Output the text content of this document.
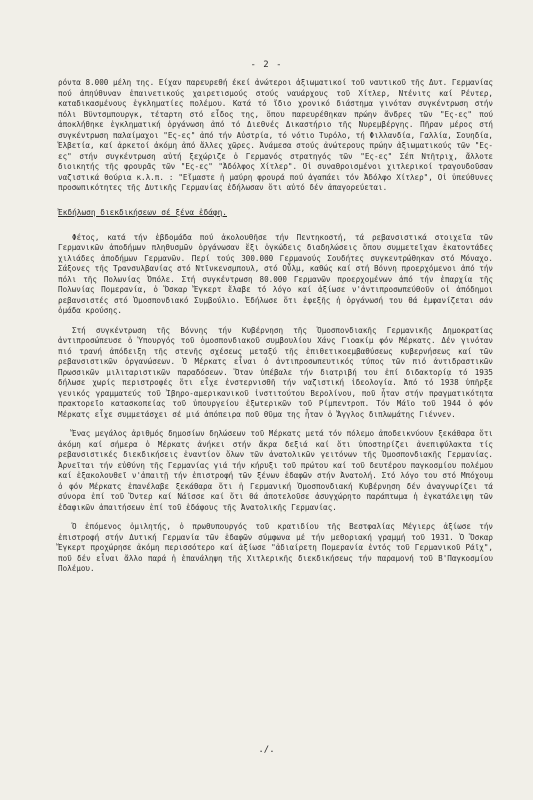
- 2 -

ρόντα 8.000 μέλη της. Είχαν παρευρεθή έκεί ἀνώτεροι ἀξιωματικοί τοῦ ναυτικοῦ τῆς Δυτ. Γερμανίας πού ἀπηύθυναν ἐπαινετικούς χαιρετισμούς στούς ναυάρχους τοῦ Χίτλερ, Ντένιτς καί Ρέντερ, καταδικασμένους ἐγκληματίες πολέμου. Κατά τό ἴδιο χρονικό διάστημα γινόταν συγκέντρωση στήν πόλι Βϋντσμπουργκ, τέταρτη στό εἶδος της, ὅπου παρευρέθηκαν πρώην ἄνδρες τῶν "Ες-ες" πού ἀποκλήθηκε ἐγκληματική ὀργάνωση ἀπό τό Διεθνές Δικαστήριο τῆς Νυρεμβέργης. Πῆραν μέρος στή συγκέντρωση παλαίμαχοι "Ες-ες" ἀπό τήν Αὐστρία, τό νότιο Τυρόλο, τή Φιλλανδία, Γαλλία, Σουηδία, Ἑλβετία, καί ἀρκετοί ἀκόμη ἀπό ἄλλες χῶρες. Ἀνάμεσα στούς ἀνώτερους πρώην ἀξιωματικούς τῶν "Ες-ες" στήν συγκέντρωση αὐτή ξεχώριζε ὁ Γερμανός στρατηγός τῶν "Ες-ες" Σέπ Ντῆτριχ, ἄλλοτε διοικητής τῆς φρουρᾶς τῶν "Ες-ες" "Ἀδόλφος Χίτλερ". Οἱ συναθροισμένοι χιτλερικοί τραγουδοῦσαν ναζιστικά θούρια κ.λ.π. : "Εἴμαστε ἡ μαύρη φρουρά πού ἀγαπάει τόν Ἀδόλφο Χίτλερ", Οἱ ὑπεύθυνες προσωπικότητες τῆς Δυτικῆς Γερμανίας ἐδήλωσαν ὅτι αὐτό δέν ἀπαγορεύεται.

Ἐκδήλωση διεκδικήσεων σέ ξένα ἐδάφη.

Φέτος, κατά τήν ἑβδομάδα πού ἀκολουθῆσε τήν Πεντηκοστή, τά ρεβανσιστικά στοιχεῖα τῶν Γερμανικῶν ἀποδήμων πληθυσμῶν ὀργάνωσαν ἕξι ὀγκώδεις διαδηλώσεις ὅπου συμμετεῖχαν ἑκατοντάδες χιλιάδες ἀποδήμων Γερμανῶν. Περί τούς 300.000 Γερμανούς Σουδήτες συγκεντρώθηκαν στό Μόναχο. Σάξονες τῆς Τρανσυλβανίας στό Ντῖνκενσμπουλ, στό Οὖλμ, καθώς καί στή Βόννη προερχόμενοι ἀπό τήν πόλι τῆς Πολωνίας Ὀπόλε. Στή συγκέντρωση 80.000 Γερμανῶν προερχομένων ἀπό τήν ἐπαρχία τῆς Πολωνίας Πομερανία, ὁ Ὄσκαρ Ἔγκερτ ἔλαβε τό λόγο καί ἀξίωσε ν'ἀντιπροσωπεύθοῦν οἱ ἀπόδημοι ρεβανσιστές στό Ὁμοσπονδιακό Συμβούλιο. Ἐδήλωσε ὅτι ἐφεξῆς ἡ ὀργάνωσή του θά ἐμφανίζεται σάν ὁμάδα κρούσης.

Στή συγκέντρωση τῆς Βόννης τήν Κυβέρνηση τῆς Ὁμοσπονδιακῆς Γερμανικῆς Δημοκρατίας ἀντιπροσώπευσε ὁ Ὑπουργός τοῦ ὁμοσπονδιακοῦ συμβουλίου Χάνς Γιοακίμ φόν Μέρκατς. Δέν γινόταν πιό τρανή ἀπόδειξη τῆς στενῆς σχέσεως μεταξύ τῆς ἐπιθετικοεμβαθύσεως κυβερνήσεως καί τῶν ρεβανσιστικῶν ὀργανώσεων. Ὁ Μέρκατς εἶναι ὁ ἀντιπροσωπευτικός τύπος τῶν πιό ἀντιδραστικῶν Πρωσσικῶν μιλιταριστικῶν παραδόσεων. Ὅταν ὑπέβαλε τήν διατριβή του ἐπί διδακτορίᾳ τό 1935 δήλωσε χωρίς περιστροφές ὅτι εἶχε ἐνστερνισθῆ τήν ναζιστική ἰδεολογία. Ἀπό τό 1938 ὑπῆρξε γενικός γραμματεύς τοῦ Ἰβηρο-αμερικανικοῦ ἰνστιτούτου Βερολίνου, ποῦ ἦταν στήν πραγματικότητα πρακτορεῖο κατασκοπείας τοῦ ὑπουργείου ἐξωτερικῶν τοῦ Ρίμπεντροπ. Τόν Μάϊο τοῦ 1944 ὁ φόν Μέρκατς εἶχε συμμετάσχει σέ μιά ἀπόπειρα ποῦ θῦμα της ἦταν ὁ Ἄγγλος διπλωμάτης Γιέννεν.

Ἕνας μεγάλος ἀριθμός δημοσίων δηλώσεων τοῦ Μέρκατς μετά τόν πόλεμο ἀποδεικνύουν ξεκάθαρα ὅτι ἀκόμη καί σήμερα ὁ Μέρκατς ἀνήκει στήν ἄκρα δεξιά καί ὅτι ὑποστηρίζει ἀνεπιφύλακτα τίς ρεβανσιστικές διεκδικήσεις ἐναντίον ὅλων τῶν ἀνατολικῶν γειτόνων τῆς Ὁμοσπονδιακῆς Γερμανίας. Ἀρνεῖται τήν εὐθύνη τῆς Γερμανίας γιά τήν κήρυξι τοῦ πρώτου καί τοῦ δευτέρου παγκοσμίου πολέμου καί ἐξακολουθεῖ ν'ἀπαιτῇ τήν ἐπιστροφή τῶν ξένων ἐδαφῶν στήν Ἀνατολή. Στό λόγο του στό Μπόχουμ ὁ φόν Μέρκατς ἐπανέλαβε ξεκάθαρα ὅτι ἡ Γερμανική Ὁμοσπονδιακή Κυβέρνηση δέν ἀναγνωρίζει τά σύνορα ἐπί τοῦ Ὄντερ καί Νάϊσσε καί ὅτι θά ἀποτελοῦσε ἀσυγχώρητο παράπτωμα ἡ ἐγκατάλειψη τῶν ἐδαφικῶν ἀπαιτήσεων ἐπί τοῦ ἐδάφους τῆς Ἀνατολικῆς Γερμανίας.

Ὁ ἑπόμενος ὁμιλητής, ὁ πρωθυπουργός τοῦ κρατιδίου τῆς Βεστφαλίας Μέγιερς ἀξίωσε τήν ἐπιστροφή στήν Δυτική Γερμανία τῶν ἐδαφῶν σύμφωνα μέ τήν μεθοριακή γραμμή τοῦ 1931. Ὁ Ὄσκαρ Ἔγκερτ προχώρησε ἀκόμη περισσότερο καί ἀξίωσε "ἀδιαίρετη Πομερανία ἐντός τοῦ Γερμανικοῦ Ράϊχ", ποῦ δέν εἶναι ἄλλο παρά ἡ ἐπανάληψη τῆς Χιτλερικῆς διεκδικήσεως τήν παραμονή τοῦ Β'Παγκοσμίου Πολέμου.

./.
